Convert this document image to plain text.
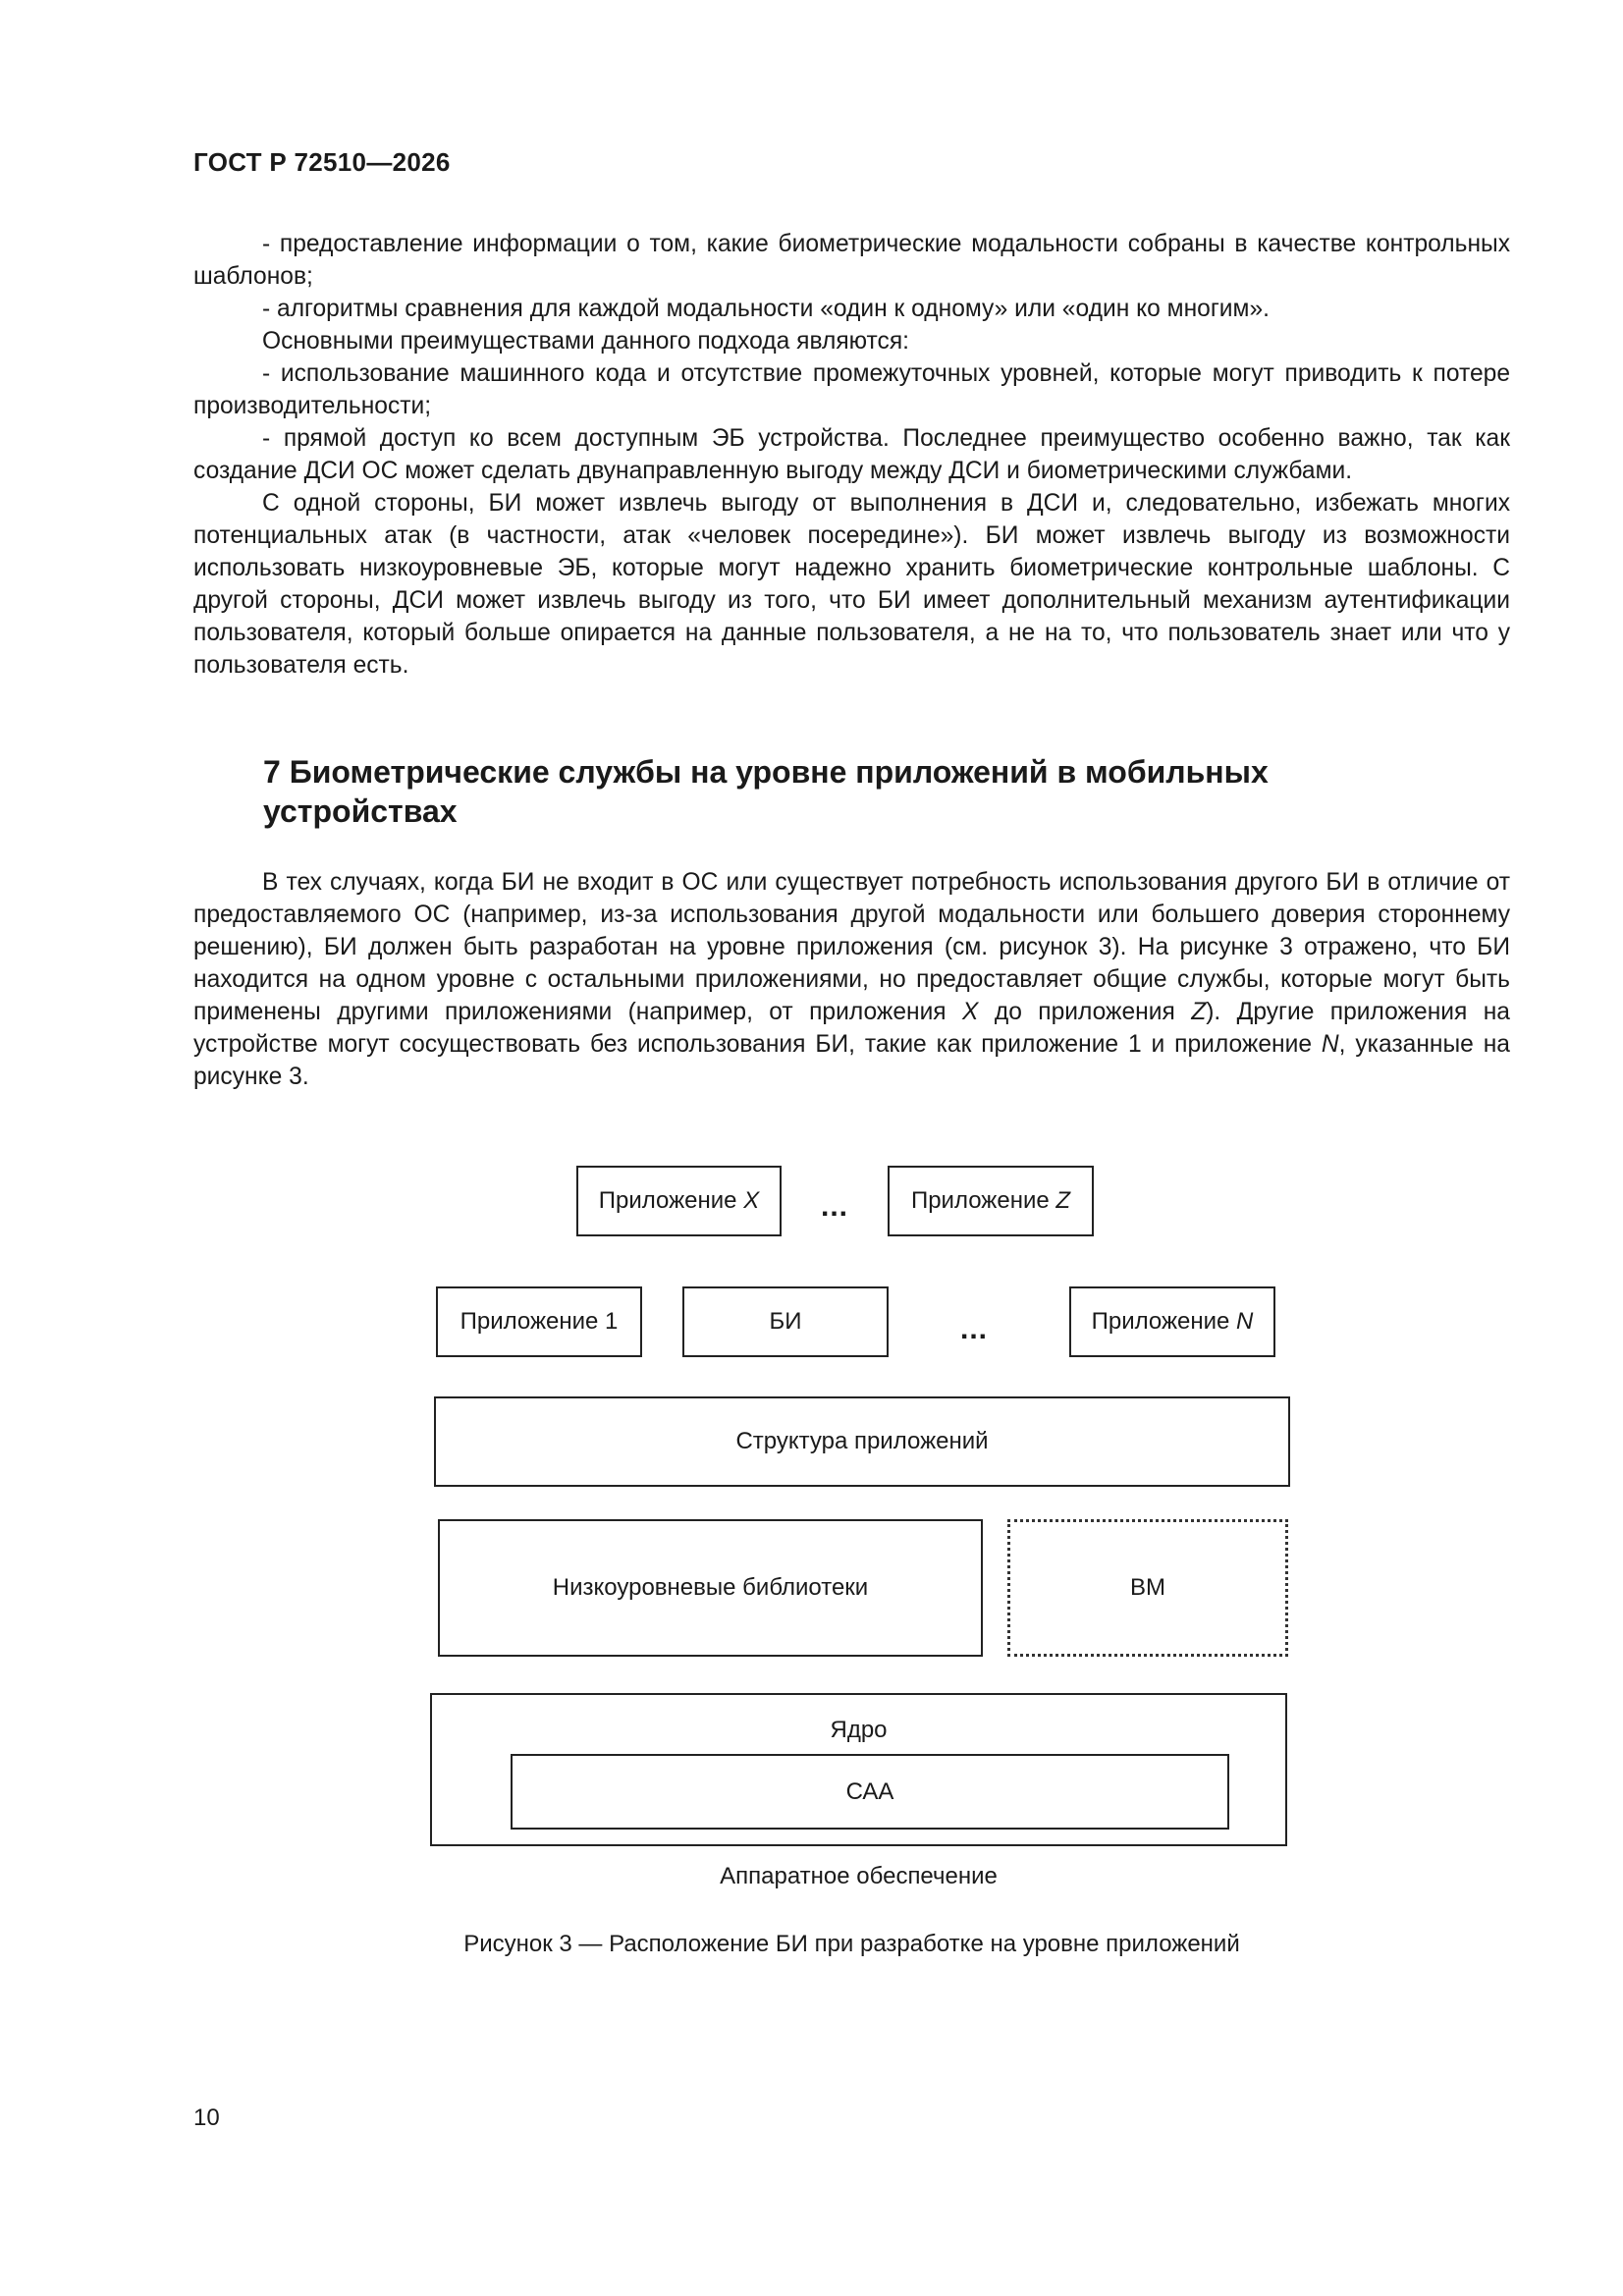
ГОСТ Р 72510—2026

- предоставление информации о том, какие биометрические модальности собраны в качестве контрольных шаблонов;

- алгоритмы сравнения для каждой модальности «один к одному» или «один ко многим».

Основными преимуществами данного подхода являются:

- использование машинного кода и отсутствие промежуточных уровней, которые могут приводить к потере производительности;

- прямой доступ ко всем доступным ЭБ устройства. Последнее преимущество особенно важно, так как создание ДСИ ОС может сделать двунаправленную выгоду между ДСИ и биометрическими службами.

С одной стороны, БИ может извлечь выгоду от выполнения в ДСИ и, следовательно, избежать многих потенциальных атак (в частности, атак «человек посередине»). БИ может извлечь выгоду из возможности использовать низкоуровневые ЭБ, которые могут надежно хранить биометрические контрольные шаблоны. С другой стороны, ДСИ может извлечь выгоду из того, что БИ имеет дополнительный механизм аутентификации пользователя, который больше опирается на данные пользователя, а не на то, что пользователь знает или что у пользователя есть.

7 Биометрические службы на уровне приложений в мобильных устройствах

В тех случаях, когда БИ не входит в ОС или существует потребность использования другого БИ в отличие от предоставляемого ОС (например, из-за использования другой модальности или большего доверия стороннему решению), БИ должен быть разработан на уровне приложения (см. рисунок 3). На рисунке 3 отражено, что БИ находится на одном уровне с остальными приложениями, но предоставляет общие службы, которые могут быть применены другими приложениями (например, от приложения X до приложения Z). Другие приложения на устройстве могут сосуществовать без использования БИ, такие как приложение 1 и приложение N, указанные на рисунке 3.

Приложение X ...	Приложение Z
Приложение 1	БИ	...	Приложение N
Структура приложений
Низкоуровневые библиотеки	ВМ
Ядро
САА
Аппаратное обеспечение
Рисунок 3 — Расположение БИ при разработке на уровне приложений
10
